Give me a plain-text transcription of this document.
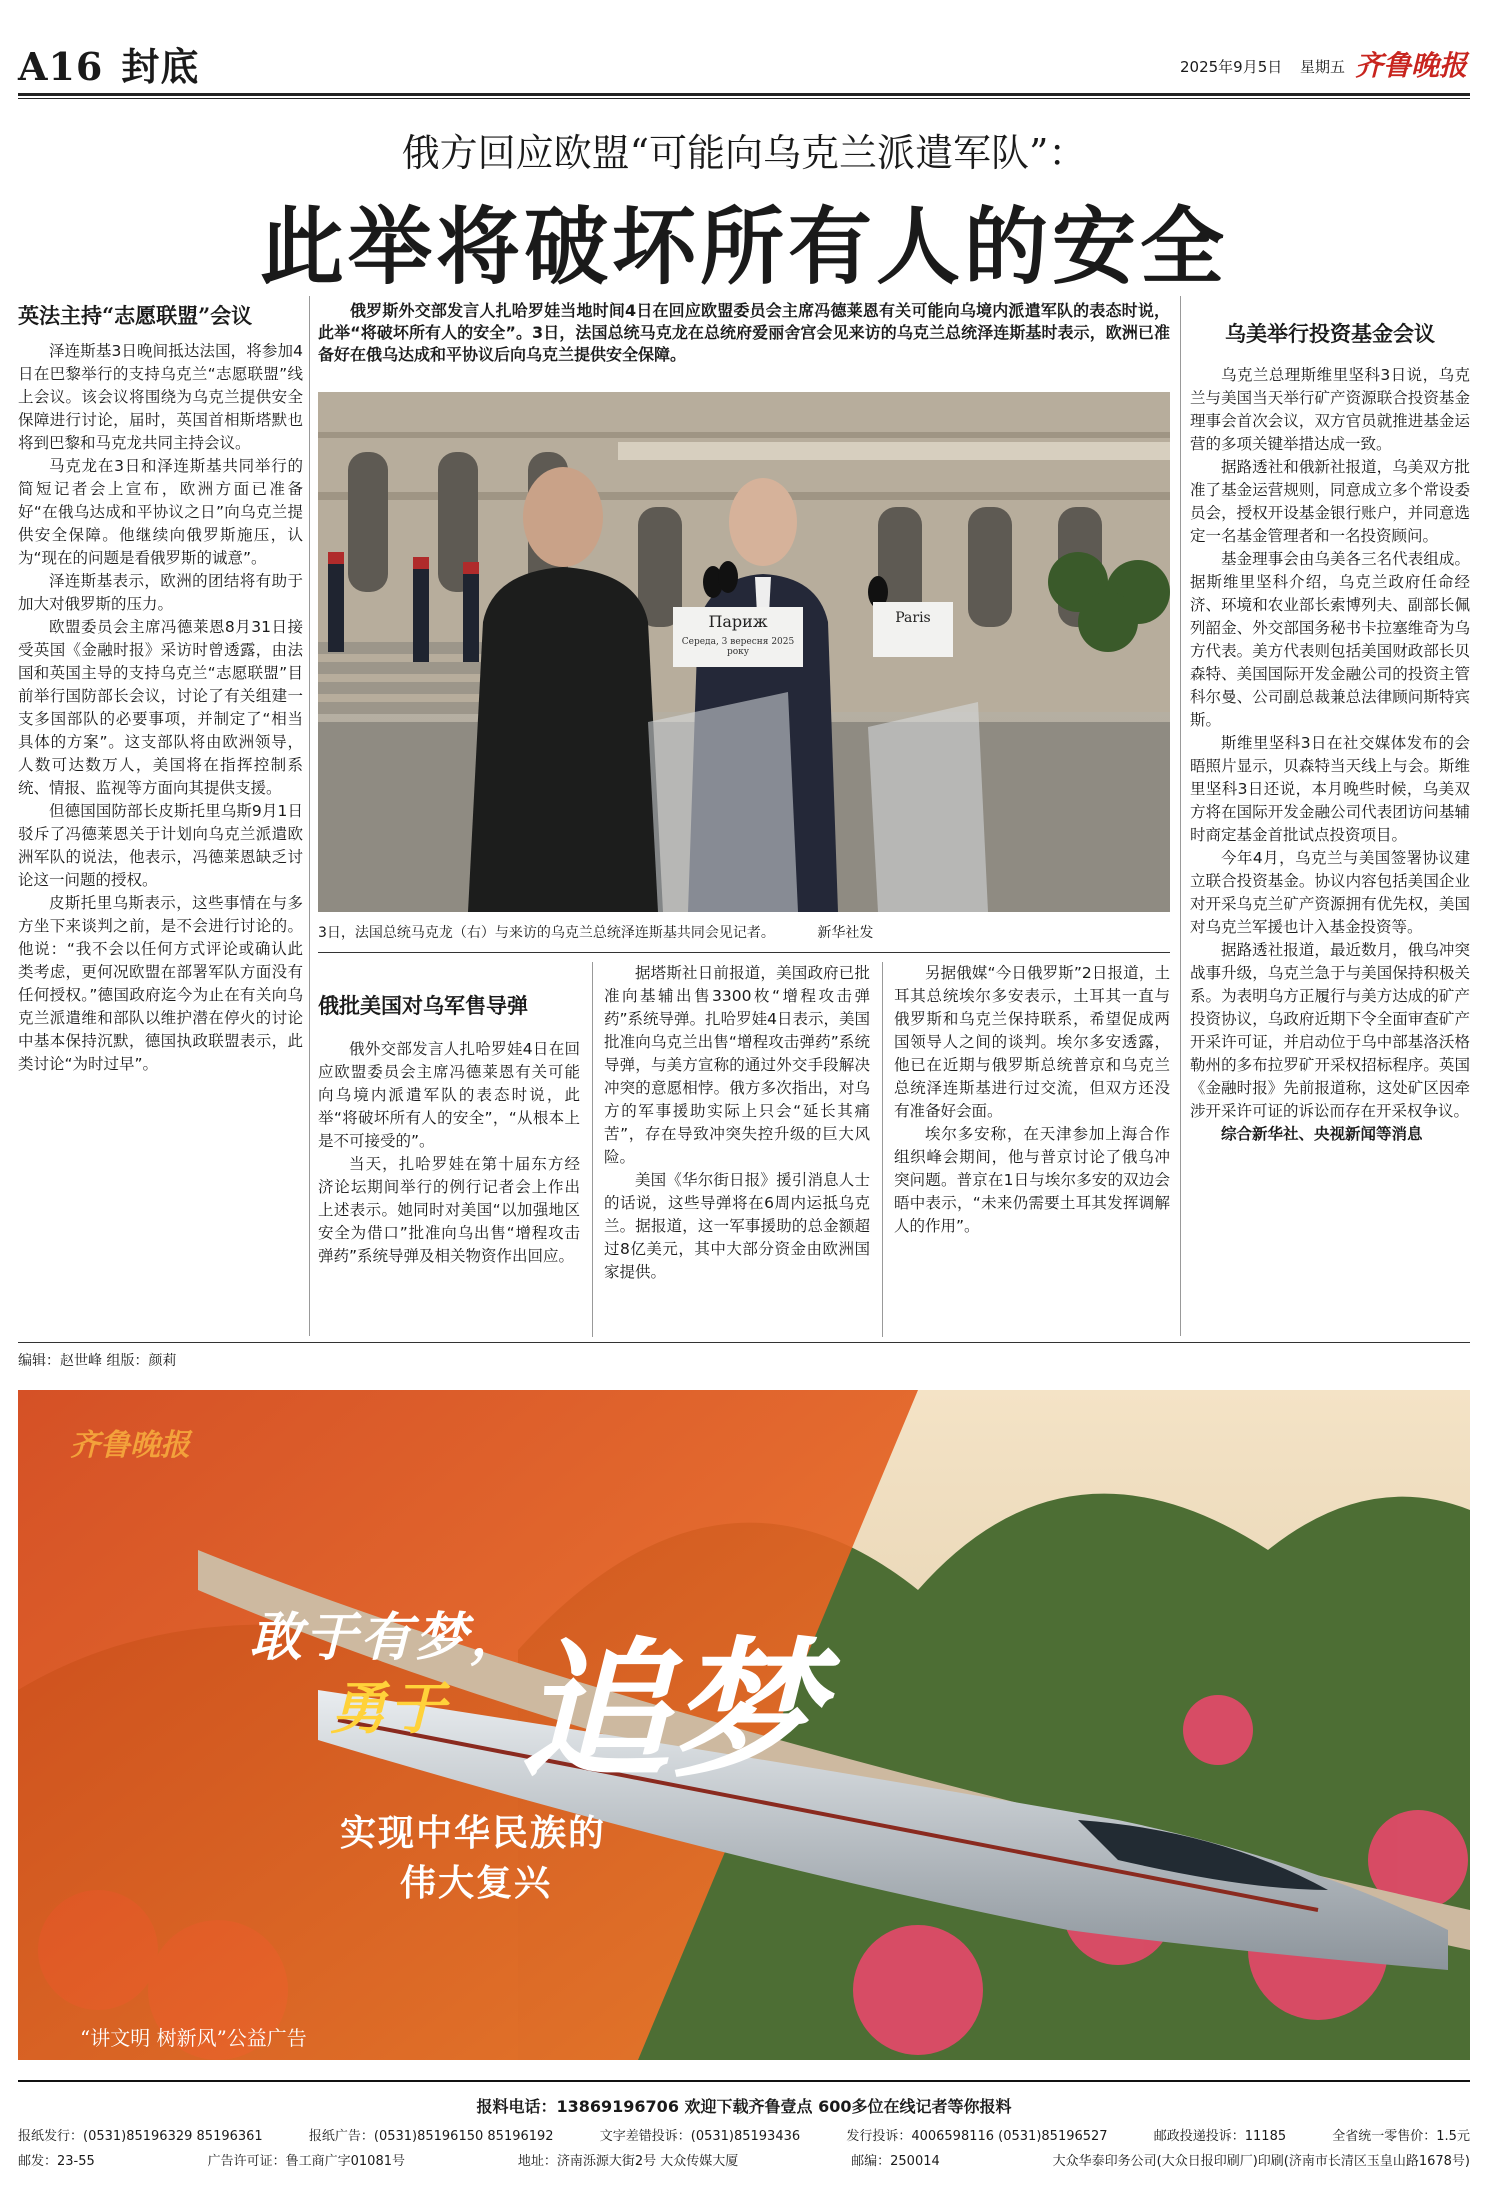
A16 封底	2025年9月5日 星期五 齐鲁晚报
俄方回应欧盟“可能向乌克兰派遣军队”：
此举将破坏所有人的安全
英法主持“志愿联盟”会议

泽连斯基3日晚间抵达法国，将参加4日在巴黎举行的支持乌克兰“志愿联盟”线上会议。该会议将围绕为乌克兰提供安全保障进行讨论，届时，英国首相斯塔默也将到巴黎和马克龙共同主持会议。

马克龙在3日和泽连斯基共同举行的简短记者会上宣布，欧洲方面已准备好“在俄乌达成和平协议之日”向乌克兰提供安全保障。他继续向俄罗斯施压，认为“现在的问题是看俄罗斯的诚意”。

泽连斯基表示，欧洲的团结将有助于加大对俄罗斯的压力。

欧盟委员会主席冯德莱恩8月31日接受英国《金融时报》采访时曾透露，由法国和英国主导的支持乌克兰“志愿联盟”目前举行国防部长会议，讨论了有关组建一支多国部队的必要事项，并制定了“相当具体的方案”。这支部队将由欧洲领导，人数可达数万人，美国将在指挥控制系统、情报、监视等方面向其提供支援。

但德国国防部长皮斯托里乌斯9月1日驳斥了冯德莱恩关于计划向乌克兰派遣欧洲军队的说法，他表示，冯德莱恩缺乏讨论这一问题的授权。

皮斯托里乌斯表示，这些事情在与多方坐下来谈判之前，是不会进行讨论的。他说：“我不会以任何方式评论或确认此类考虑，更何况欧盟在部署军队方面没有任何授权。”德国政府迄今为止在有关向乌克兰派遣维和部队以维护潜在停火的讨论中基本保持沉默，德国执政联盟表示，此类讨论“为时过早”。

俄罗斯外交部发言人扎哈罗娃当地时间4日在回应欧盟委员会主席冯德莱恩有关可能向乌境内派遣军队的表态时说，此举“将破坏所有人的安全”。3日，法国总统马克龙在总统府爱丽舍宫会见来访的乌克兰总统泽连斯基时表示，欧洲已准备好在俄乌达成和平协议后向乌克兰提供安全保障。
Париж
Середа, 3 вересня 2025 року
Paris
3日，法国总统马克龙（右）与来访的乌克兰总统泽连斯基共同会见记者。	新华社发
俄批美国对乌军售导弹

俄外交部发言人扎哈罗娃4日在回应欧盟委员会主席冯德莱恩有关可能向乌境内派遣军队的表态时说，此举“将破坏所有人的安全”，“从根本上是不可接受的”。

当天，扎哈罗娃在第十届东方经济论坛期间举行的例行记者会上作出上述表示。她同时对美国“以加强地区安全为借口”批准向乌出售“增程攻击弹药”系统导弹及相关物资作出回应。

据塔斯社日前报道，美国政府已批准向基辅出售3300枚“增程攻击弹药”系统导弹。扎哈罗娃4日表示，美国批准向乌克兰出售“增程攻击弹药”系统导弹，与美方宣称的通过外交手段解决冲突的意愿相悖。俄方多次指出，对乌方的军事援助实际上只会“延长其痛苦”，存在导致冲突失控升级的巨大风险。

美国《华尔街日报》援引消息人士的话说，这些导弹将在6周内运抵乌克兰。据报道，这一军事援助的总金额超过8亿美元，其中大部分资金由欧洲国家提供。

另据俄媒“今日俄罗斯”2日报道，土耳其总统埃尔多安表示，土耳其一直与俄罗斯和乌克兰保持联系，希望促成两国领导人之间的谈判。埃尔多安透露，他已在近期与俄罗斯总统普京和乌克兰总统泽连斯基进行过交流，但双方还没有准备好会面。

埃尔多安称，在天津参加上海合作组织峰会期间，他与普京讨论了俄乌冲突问题。普京在1日与埃尔多安的双边会晤中表示，“未来仍需要土耳其发挥调解人的作用”。

乌美举行投资基金会议

乌克兰总理斯维里坚科3日说，乌克兰与美国当天举行矿产资源联合投资基金理事会首次会议，双方官员就推进基金运营的多项关键举措达成一致。

据路透社和俄新社报道，乌美双方批准了基金运营规则，同意成立多个常设委员会，授权开设基金银行账户，并同意选定一名基金管理者和一名投资顾问。

基金理事会由乌美各三名代表组成。据斯维里坚科介绍，乌克兰政府任命经济、环境和农业部长索博列夫、副部长佩列韶金、外交部国务秘书卡拉塞维奇为乌方代表。美方代表则包括美国财政部长贝森特、美国国际开发金融公司的投资主管科尔曼、公司副总裁兼总法律顾问斯特宾斯。

斯维里坚科3日在社交媒体发布的会晤照片显示，贝森特当天线上与会。斯维里坚科3日还说，本月晚些时候，乌美双方将在国际开发金融公司代表团访问基辅时商定基金首批试点投资项目。

今年4月，乌克兰与美国签署协议建立联合投资基金。协议内容包括美国企业对开采乌克兰矿产资源拥有优先权，美国对乌克兰军援也计入基金投资等。

据路透社报道，最近数月，俄乌冲突战事升级，乌克兰急于与美国保持积极关系。为表明乌方正履行与美方达成的矿产投资协议，乌政府近期下令全面审查矿产开采许可证，并启动位于乌中部基洛沃格勒州的多布拉罗矿开采权招标程序。英国《金融时报》先前报道称，这处矿区因牵涉开采许可证的诉讼而存在开采权争议。

综合新华社、央视新闻等消息

编辑：赵世峰 组版：颜莉
齐鲁晚报
敢于有梦，
勇于 追梦
实现中华民族的
伟大复兴
“讲文明 树新风”公益广告
报料电话：13869196706 欢迎下载齐鲁壹点 600多位在线记者等你报料
报纸发行：(0531)85196329 85196361	报纸广告：(0531)85196150 85196192	文字差错投诉：(0531)85193436	发行投诉：4006598116 (0531)85196527	邮政投递投诉：11185	全省统一零售价：1.5元
邮发：23-55	广告许可证：鲁工商广字01081号	地址：济南泺源大街2号 大众传媒大厦	邮编：250014	大众华泰印务公司(大众日报印刷厂)印刷(济南市长清区玉皇山路1678号)
